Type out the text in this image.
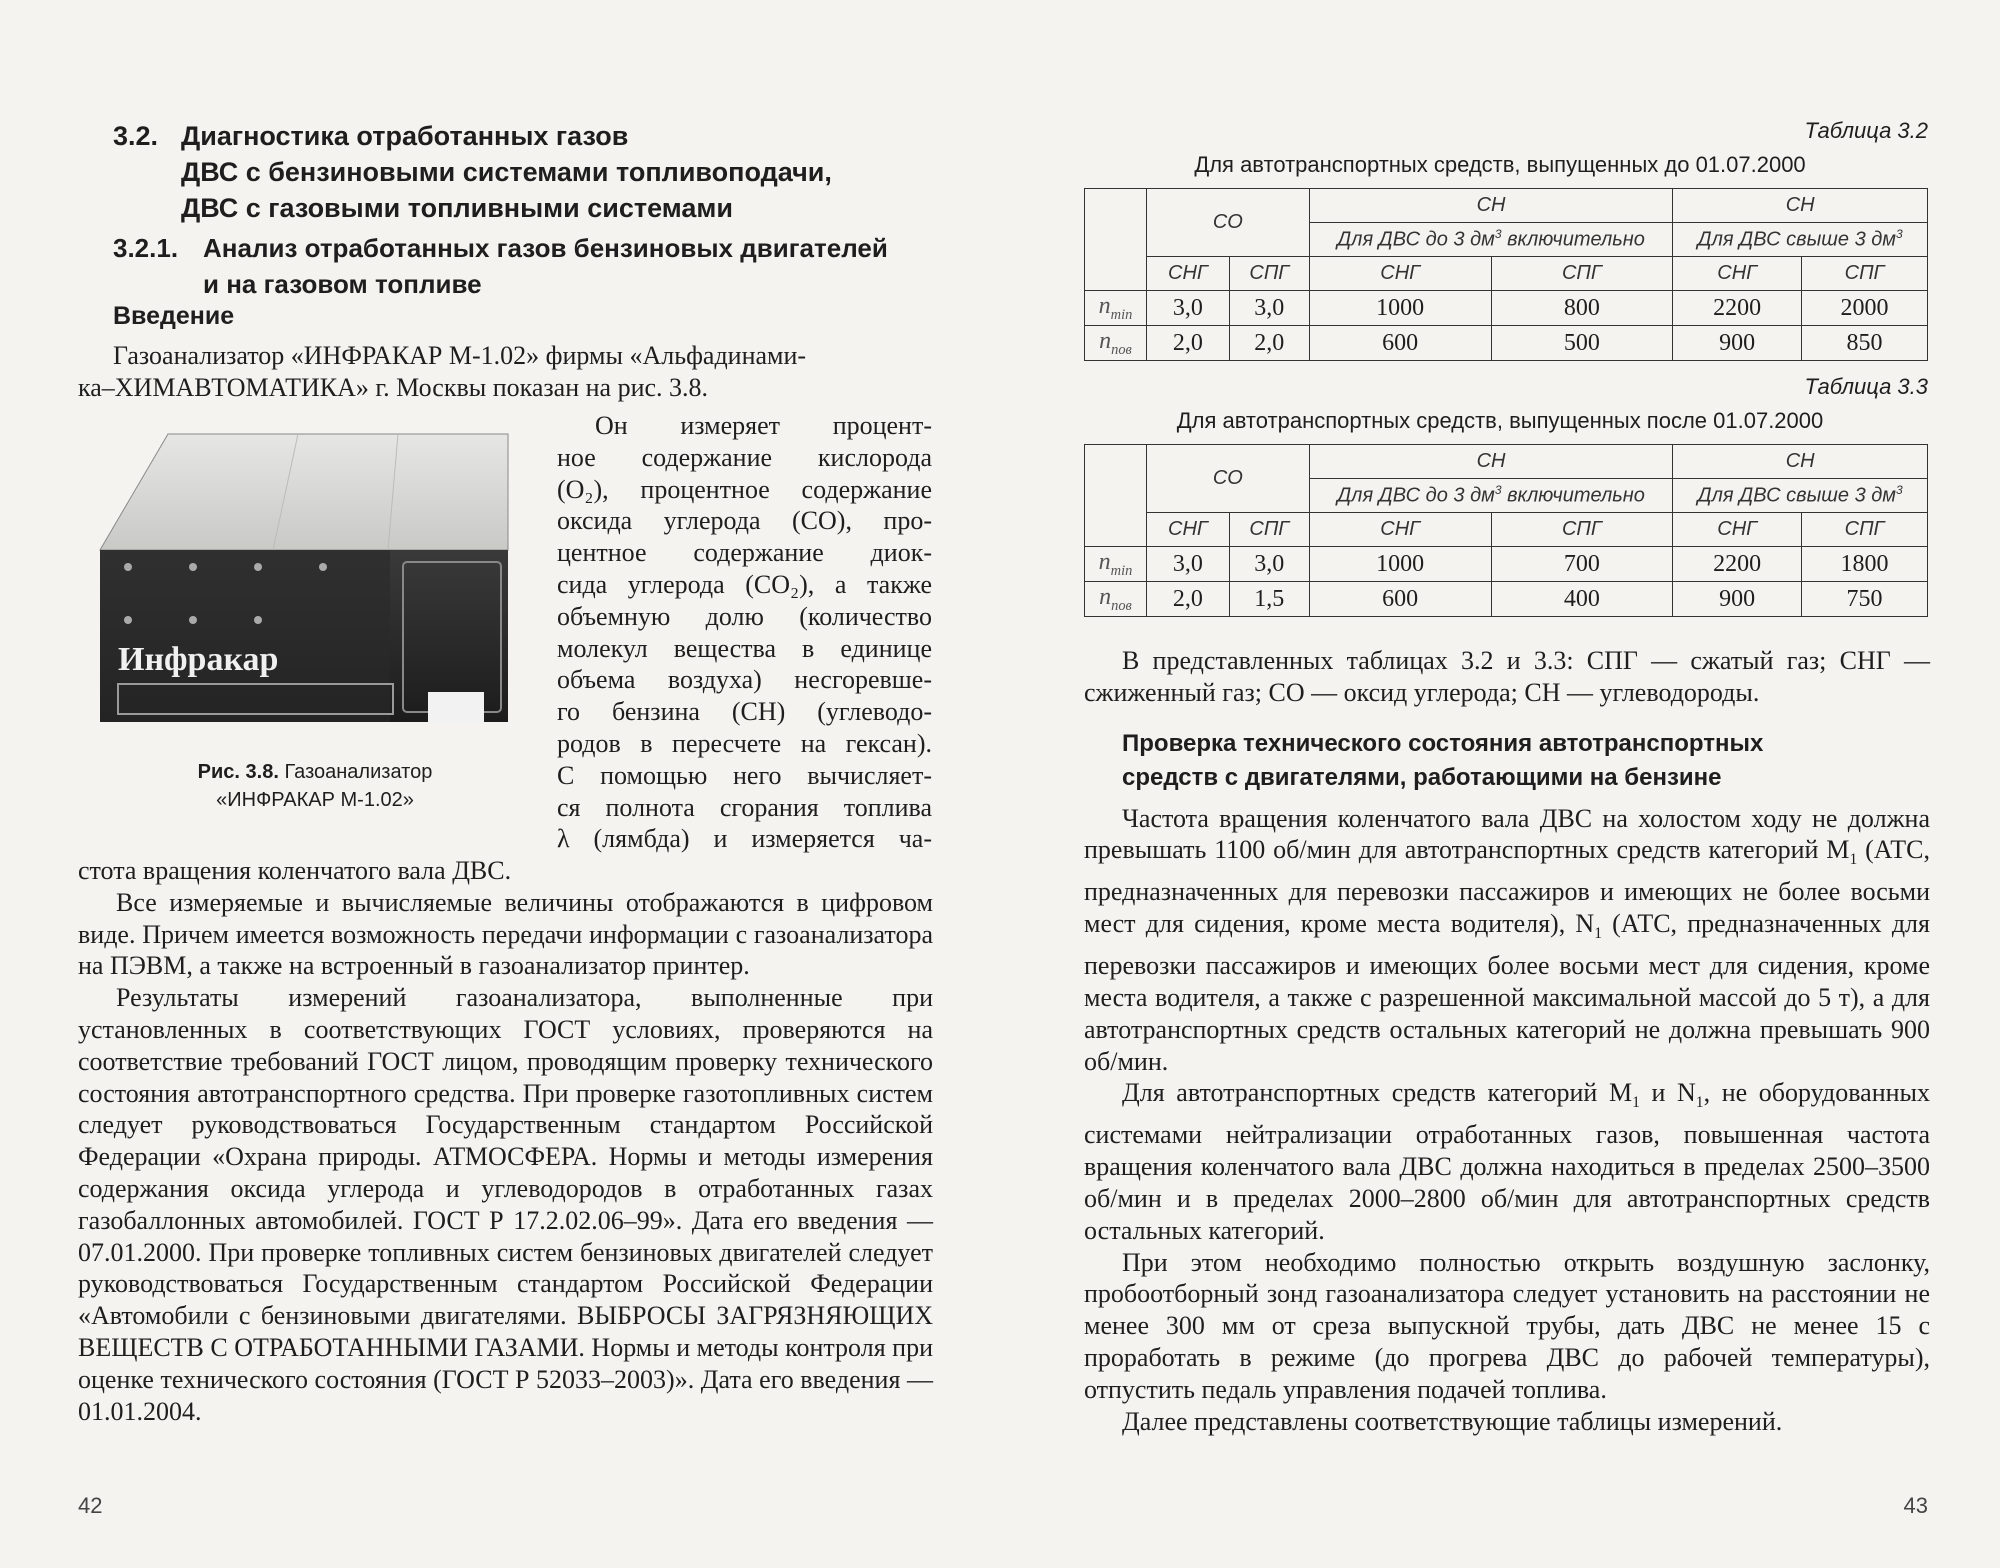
3.2. Диагностика отработанных газов
ДВС с бензиновыми системами топливоподачи,
ДВС с газовыми топливными системами
3.2.1. Анализ отработанных газов бензиновых двигателей
и на газовом топливе
Введение
Газоанализатор «ИНФРАКАР М-1.02» фирмы «Альфадинами-
ка–ХИМАВТОМАТИКА» г. Москвы показан на рис. 3.8.
Инфракар
Рис. 3.8. Газоанализатор
«ИНФРАКАР М-1.02»
Он измеряет процент-
ное содержание кислорода
(O₂), процентное содержание
оксида углерода (CO), про-
центное содержание диок-
сида углерода (CO₂), а также
объемную долю (количество
молекул вещества в единице
объема воздуха) несгоревше-
го бензина (CH) (углеводо-
родов в пересчете на гексан).
С помощью него вычисляет-
ся полнота сгорания топлива
λ (лямбда) и измеряется ча-

стота вращения коленчатого вала ДВС.

Все измеряемые и вычисляемые величины отображаются в цифровом виде. Причем имеется возможность передачи информации с газоанализатора на ПЭВМ, а также на встроенный в газоанализатор принтер.

Результаты измерений газоанализатора, выполненные при установленных в соответствующих ГОСТ условиях, проверяются на соответствие требований ГОСТ лицом, проводящим проверку технического состояния автотранспортного средства. При проверке газотопливных систем следует руководствоваться Государственным стандартом Российской Федерации «Охрана природы. АТМОСФЕРА. Нормы и методы измерения содержания оксида углерода и углеводородов в отработанных газах газобаллонных автомобилей. ГОСТ Р 17.2.02.06–99». Дата его введения — 07.01.2000. При проверке топливных систем бензиновых двигателей следует руководствоваться Государственным стандартом Российской Федерации «Автомобили с бензиновыми двигателями. ВЫБРОСЫ ЗАГРЯЗНЯЮЩИХ ВЕЩЕСТВ С ОТРАБОТАННЫМИ ГАЗАМИ. Нормы и методы контроля при оценке технического состояния (ГОСТ Р 52033–2003)». Дата его введения — 01.01.2004.

42
Таблица 3.2
Для автотранспортных средств, выпущенных до 01.07.2000
	CO		CH		CH	
			Для ДВС до 3 $дм^3$ включительно		Для ДВС свыше 3 $дм^3$
	СНГ	СПГ	СНГ	СПГ	СНГ	СПГ
$n_{min}$	3,0	3,0	1000	800	2200	2000
$n_{пов}$	2,0	2,0	600	500	900	850
Таблица 3.3
Для автотранспортных средств, выпущенных после 01.07.2000
	CO		CH		CH	
			Для ДВС до 3 $дм^3$ включительно		Для ДВС свыше 3 $дм^3$
	СНГ	СПГ	СНГ	СПГ	СНГ	СПГ
$n_{min}$	3,0	3,0	1000	700	2200	1800
$n_{пов}$	2,0	1,5	600	400	900	750

В представленных таблицах 3.2 и 3.3: СПГ — сжатый газ; СНГ — сжиженный газ; CO — оксид углерода; CH — углеводороды.

Проверка технического состояния автотранспортных
средств с двигателями, работающими на бензине

Частота вращения коленчатого вала ДВС на холостом ходу не должна превышать 1100 об/мин для автотранспортных средств категорий $M_1$ (АТС, предназначенных для перевозки пассажиров и имеющих не более восьми мест для сидения, кроме места водителя), $N_1$ (АТС, предназначенных для перевозки пассажиров и имеющих более восьми мест для сидения, кроме места водителя, а также с разрешенной максимальной массой до 5 т), а для автотранспортных средств остальных категорий не должна превышать 900 об/мин.

Для автотранспортных средств категорий $M_1$ и $N_1$, не оборудованных системами нейтрализации отработанных газов, повышенная частота вращения коленчатого вала ДВС должна находиться в пределах 2500–3500 об/мин и в пределах 2000–2800 об/мин для автотранспортных средств остальных категорий.

При этом необходимо полностью открыть воздушную заслонку, пробоотборный зонд газоанализатора следует установить на расстоянии не менее 300 мм от среза выпускной трубы, дать ДВС не менее 15 с проработать в режиме (до прогрева ДВС до рабочей температуры), отпустить педаль управления подачей топлива.

Далее представлены соответствующие таблицы измерений.

43
